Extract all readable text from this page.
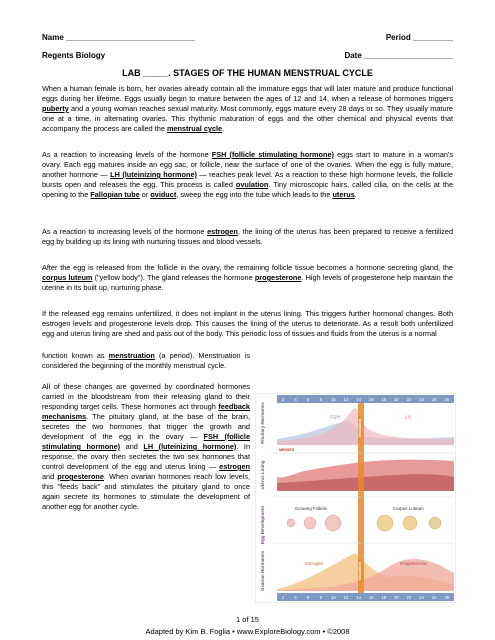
Name _____________________________	Period _________
Regents Biology	Date ____________________
LAB _____. STAGES OF THE HUMAN MENSTRUAL CYCLE

When a human female is born, her ovaries already contain all the immature eggs that will later mature and produce functional eggs during her lifetime. Eggs usually begin to mature between the ages of 12 and 14, when a release of hormones triggers puberty and a young woman reaches sexual maturity. Most commonly, eggs mature every 28 days or so. They usually mature one at a time, in alternating ovaries. This rhythmic maturation of eggs and the other chemical and physical events that accompany the process are called the menstrual cycle.

As a reaction to increasing levels of the hormone FSH (follicle stimulating hormone) eggs start to mature in a woman's ovary. Each egg matures inside an egg sac, or follicle, near the surface of one of the ovaries. When the egg is fully mature, another hormone — LH (luteinizing hormone) — reaches peak level. As a reaction to these high hormone levels, the follicle bursts open and releases the egg. This process is called ovulation. Tiny microscopic hairs, called cilia, on the cells at the opening to the Fallopian tube or oviduct, sweep the egg into the tube which leads to the uterus.

As a reaction to increasing levels of the hormone estrogen, the lining of the uterus has been prepared to receive a fertilized egg by building up its lining with nurturing tissues and blood vessels.

After the egg is released from the follicle in the ovary, the remaining follicle tissue becomes a hormone secreting gland, the corpus luteum ("yellow body"). The gland releases the hormone progesterone. High levels of progesterone help maintain the uterine in its built up, nurturing phase.

If the released egg remains unfertilized, it does not implant in the uterus lining. This triggers further hormonal changes. Both estrogen levels and progesterone levels drop. This causes the lining of the uterus to deteriorate. As a result both unfertilized egg and uterus lining are shed and pass out of the body. This periodic loss of tissues and fluids from the uterus is a normal

function known as menstruation (a period). Menstruation is considered the beginning of the monthly menstrual cycle.

All of these changes are governed by coordinated hormones carried in the bloodstream from their releasing gland to their responding target cells. These hormones act through feedback mechanisms. The pituitary gland, at the base of the brain, secretes the two hormones that trigger the growth and development of the egg in the ovary — FSH (follicle stimulating hormone) and LH (luteinizing hormone). In response, the ovary then secretes the two sex hormones that control development of the egg and uterus lining — estrogen and progesterone. When ovarian hormones reach low levels, this "feeds back" and stimulates the pituitary gland to once again secrete its hormones to stimulate the development of another egg for another cycle.

2 4 6 8 10 12 14 16 18 20 22 24 26 28
2 4 6 8 10 12 14 16 18 20 22 24 26 28
Pituitary Hormones
Uterus Lining
Egg Development
Ovarian Hormones
FSH	LH
MENSES
Growing Follicle	Corpus Luteum
Estrogen	Progesterone
Ovulation
Ovulation
1 of 15
Adapted by Kim B. Foglia • www.ExploreBiology.com • ©2008
